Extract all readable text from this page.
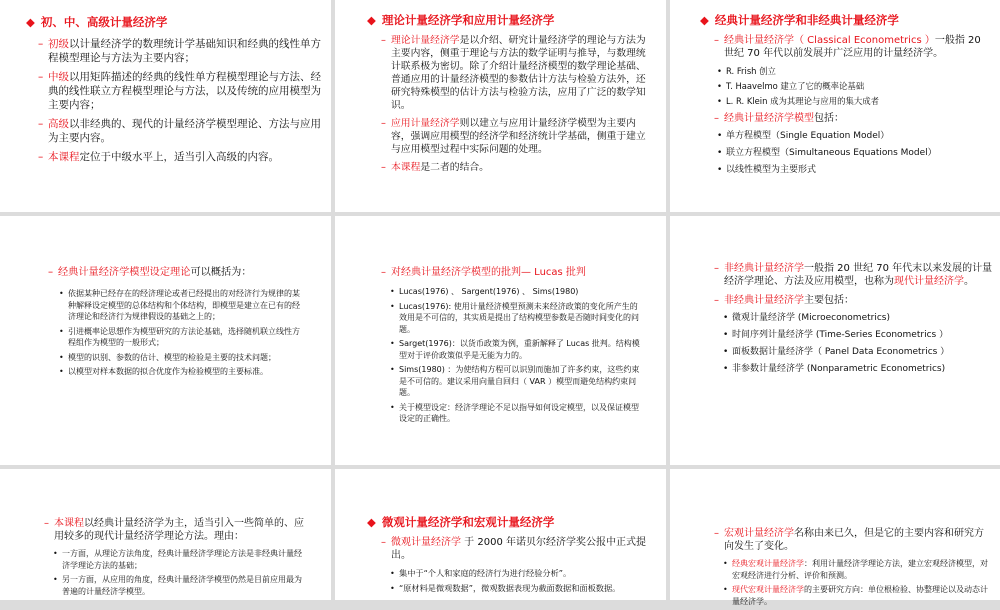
◆ 初、中、高级计量经济学
– 初级以计量经济学的数理统计学基础知识和经典的线性单方程模型理论与方法为主要内容；
– 中级以用矩阵描述的经典的线性单方程模型理论与方法、经典的线性联立方程模型理论与方法，以及传统的应用模型为主要内容；
– 高级以非经典的、现代的计量经济学模型理论、方法与应用为主要内容。
– 本课程定位于中级水平上，适当引入高级的内容。
◆ 理论计量经济学和应用计量经济学
– 理论计量经济学是以介绍、研究计量经济学的理论与方法为主要内容，侧重于理论与方法的数学证明与推导，与数理统计联系极为密切。除了介绍计量经济模型的数学理论基础、普通应用的计量经济模型的参数估计方法与检验方法外，还研究特殊模型的估计方法与检验方法，应用了广泛的数学知识。
– 应用计量经济学则以建立与应用计量经济学模型为主要内容，强调应用模型的经济学和经济统计学基础，侧重于建立与应用模型过程中实际问题的处理。
– 本课程是二者的结合。
◆ 经典计量经济学和非经典计量经济学
– 经典计量经济学（ Classical Econometrics ）一般指 20 世纪 70 年代以前发展并广泛应用的计量经济学。
• R. Frish 创立
• T. Haavelmo 建立了它的概率论基础
• L. R. Klein 成为其理论与应用的集大成者
– 经典计量经济学模型包括：
• 单方程模型（Single Equation Model）
• 联立方程模型（Simultaneous Equations Model）
• 以线性模型为主要形式
– 经典计量经济学模型设定理论可以概括为：
• 依据某种已经存在的经济理论或者已经提出的对经济行为规律的某种解释设定模型的总体结构和个体结构，即模型是建立在已有的经济理论和经济行为规律假设的基础之上的；
• 引进概率论思想作为模型研究的方法论基础，选择随机联立线性方程组作为模型的一般形式；
• 模型的识别、参数的估计、模型的检验是主要的技术问题；
• 以模型对样本数据的拟合优度作为检验模型的主要标准。
– 对经典计量经济学模型的批判— Lucas 批判
• Lucas(1976) 、 Sargent(1976) 、 Sims(1980)
• Lucas(1976): 使用计量经济模型预测未来经济政策的变化所产生的效用是不可信的，其实质是提出了结构模型参数是否随时间变化的问题。
• Sarget(1976)：以货币政策为例，重新解释了 Lucas 批判。结构模型对于评价政策似乎是无能为力的。
• Sims(1980) ：为使结构方程可以识别而施加了许多约束，这些约束是不可信的。建议采用向量自回归（ VAR ）模型而避免结构约束问题。
• 关于模型设定：经济学理论不足以指导如何设定模型，以及保证模型设定的正确性。
– 非经典计量经济学一般指 20 世纪 70 年代末以来发展的计量经济学理论、方法及应用模型，也称为现代计量经济学。
– 非经典计量经济学主要包括：
• 微观计量经济学 (Microeconometrics)
• 时间序列计量经济学 (Time-Series Econometrics ）
• 面板数据计量经济学（ Panel Data Econometrics ）
• 非参数计量经济学 (Nonparametric Econometrics)
– 本课程以经典计量经济学为主，适当引入一些简单的、应用较多的现代计量经济学理论方法。理由：
• 一方面，从理论方法角度，经典计量经济学理论方法是非经典计量经济学理论方法的基础；
• 另一方面，从应用的角度，经典计量经济学模型仍然是目前应用最为普遍的计量经济学模型。
◆ 微观计量经济学和宏观计量经济学
– 微观计量经济学 于 2000 年诺贝尔经济学奖公报中正式提出。
• 集中于“个人和家庭的经济行为进行经验分析”。
• “原材料是微观数据”，微观数据表现为截面数据和面板数据。
– 宏观计量经济学名称由来已久，但是它的主要内容和研究方向发生了变化。
• 经典宏观计量经济学：利用计量经济学理论方法，建立宏观经济模型，对宏观经济进行分析、评价和预测。
• 现代宏观计量经济学的主要研究方向：单位根检验、协整理论以及动态计量经济学。
